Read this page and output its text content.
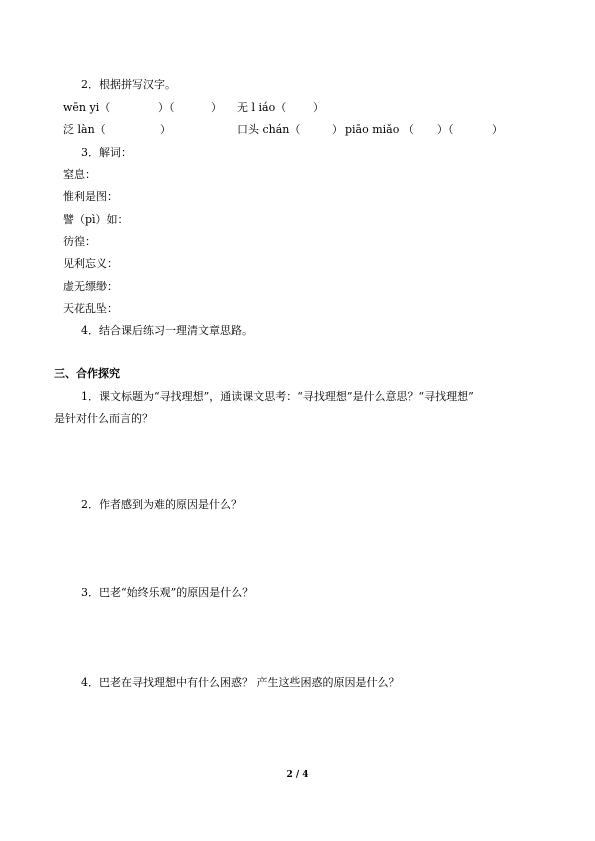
2．根据拼写汉字。
wēn yi（	）（	） 无 l iáo（ ）
泛 làn（	）	口头 chán（	） piāo miǎo （ ）（	）
3．解词：
窒息：
惟利是图：
譬（pì）如：
彷徨：
见利忘义：
虚无缥缈：
天花乱坠：
4．结合课后练习一理清文章思路。
三、合作探究
1．课文标题为“寻找理想”，通读课文思考：“寻找理想”是什么意思？“寻找理想”
是针对什么而言的？
2．作者感到为难的原因是什么？
3．巴老“始终乐观”的原因是什么？
4．巴老在寻找理想中有什么困惑？ 产生这些困惑的原因是什么？
2 / 4
